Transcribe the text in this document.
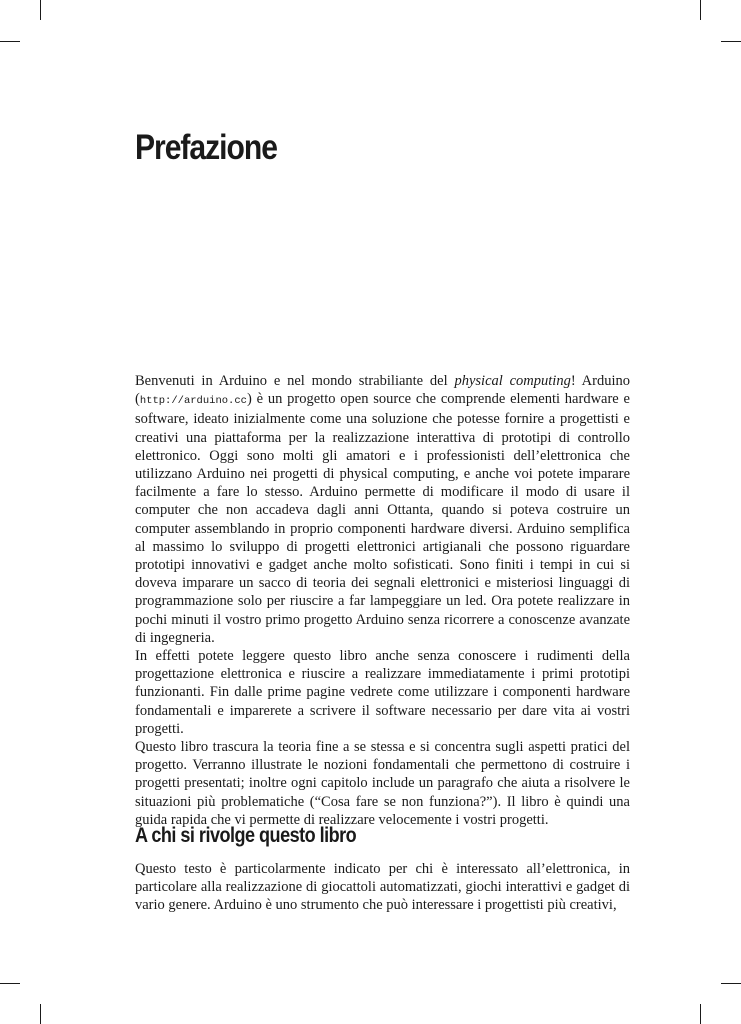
Prefazione

Benvenuti in Arduino e nel mondo strabiliante del physical computing! Arduino (http://arduino.cc) è un progetto open source che comprende elementi hardware e software, ideato inizialmente come una soluzione che potesse fornire a progettisti e creativi una piattaforma per la realizzazione interattiva di prototipi di controllo elettronico. Oggi sono molti gli amatori e i professionisti dell’elettronica che utilizzano Arduino nei progetti di physical computing, e anche voi potete imparare facilmente a fare lo stesso. Arduino permette di modificare il modo di usare il computer che non accadeva dagli anni Ottanta, quando si poteva costruire un computer assemblando in proprio componenti hardware diversi. Arduino semplifica al massimo lo sviluppo di progetti elettronici artigianali che possono riguardare prototipi innovativi e gadget anche molto sofisticati. Sono finiti i tempi in cui si doveva imparare un sacco di teoria dei segnali elettronici e misteriosi linguaggi di programmazione solo per riuscire a far lampeggiare un led. Ora potete realizzare in pochi minuti il vostro primo progetto Arduino senza ricorrere a conoscenze avanzate di ingegneria.

In effetti potete leggere questo libro anche senza conoscere i rudimenti della progettazione elettronica e riuscire a realizzare immediatamente i primi prototipi funzionanti. Fin dalle prime pagine vedrete come utilizzare i componenti hardware fondamentali e imparerete a scrivere il software necessario per dare vita ai vostri progetti.

Questo libro trascura la teoria fine a se stessa e si concentra sugli aspetti pratici del progetto. Verranno illustrate le nozioni fondamentali che permettono di costruire i progetti presentati; inoltre ogni capitolo include un paragrafo che aiuta a risolvere le situazioni più problematiche (“Cosa fare se non funziona?”). Il libro è quindi una guida rapida che vi permette di realizzare velocemente i vostri progetti.

A chi si rivolge questo libro

Questo testo è particolarmente indicato per chi è interessato all’elettronica, in particolare alla realizzazione di giocattoli automatizzati, giochi interattivi e gadget di vario genere. Arduino è uno strumento che può interessare i progettisti più creativi,
